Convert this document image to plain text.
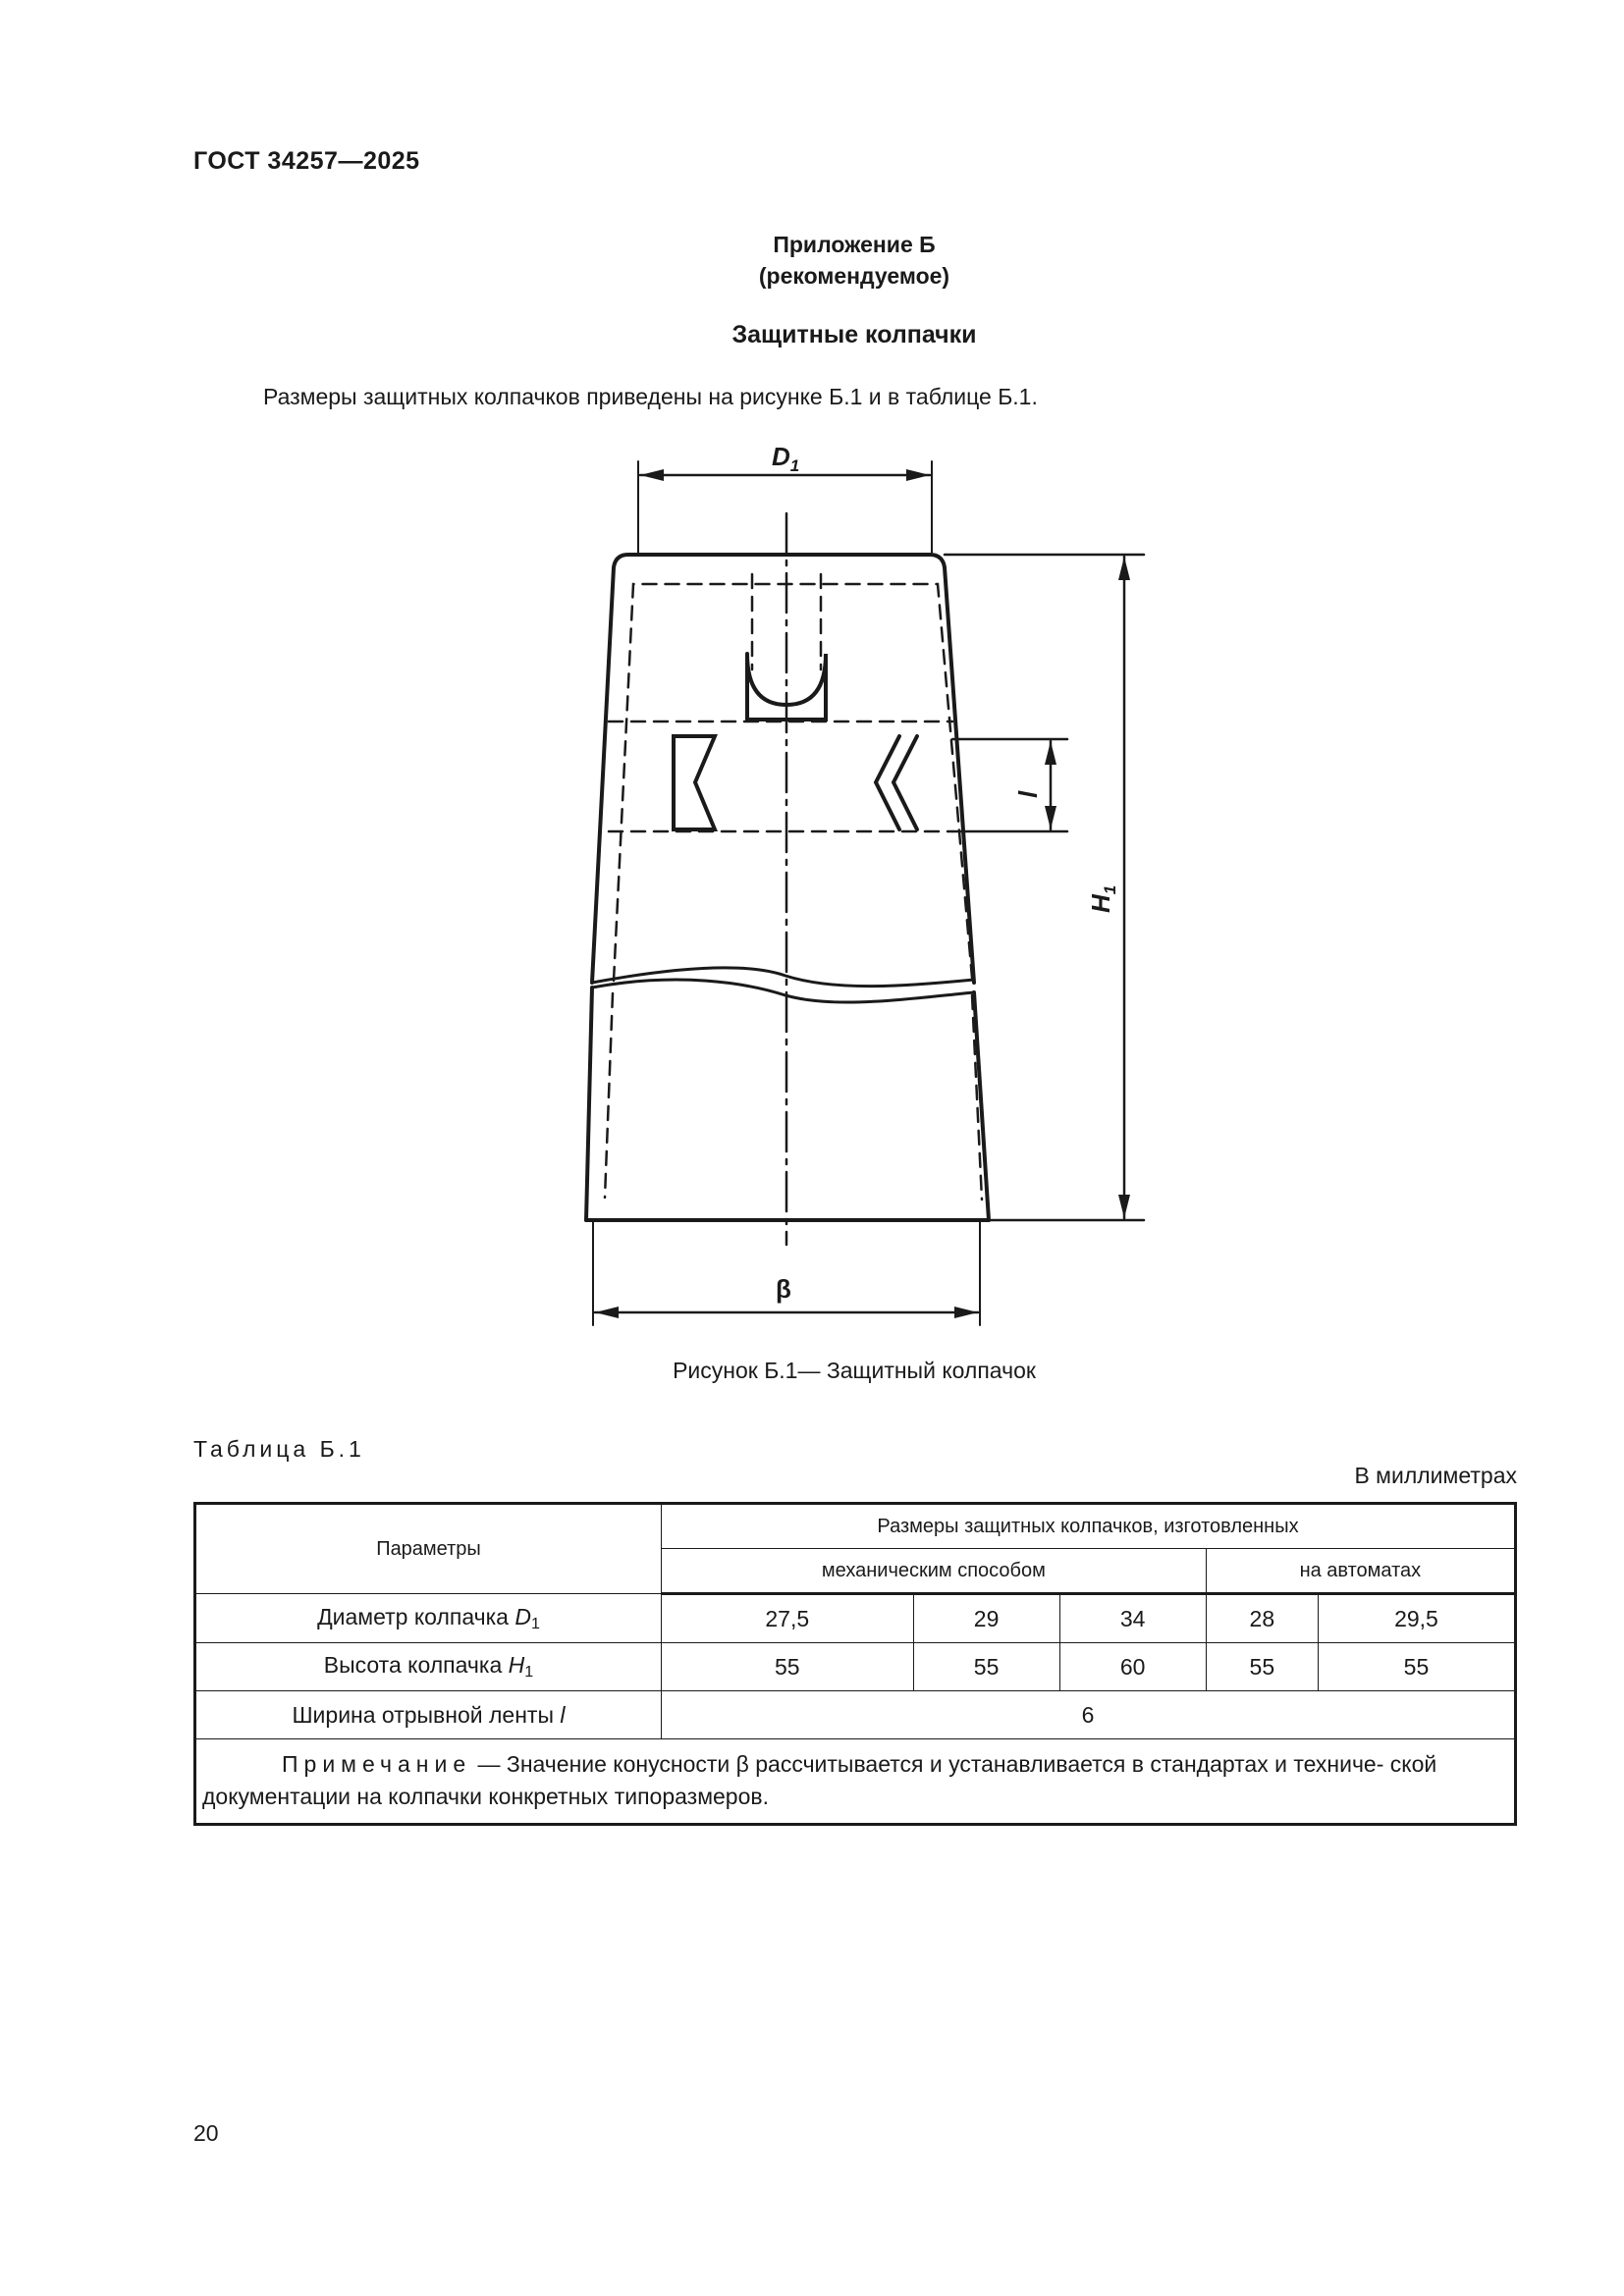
ГОСТ 34257—2025
Приложение Б
(рекомендуемое)
Защитные колпачки
Размеры защитных колпачков приведены на рисунке Б.1 и в таблице Б.1.
$D_1$
$H_1$
l
β
Рисунок Б.1— Защитный колпачок
Таблица Б.1
В миллиметрах
Параметры	Размеры защитных колпачков, изготовленных				
	механическим способом			на автоматах	
Диаметр колпачка $D_1$	27,5	29	34	28	29,5
Высота колпачка $H_1$	55	55	60	55	55
Ширина отрывной ленты l	6				
Примечание — Значение конусности β рассчитывается и устанавливается в стандартах и техниче- ской документации на колпачки конкретных типоразмеров.					
20
